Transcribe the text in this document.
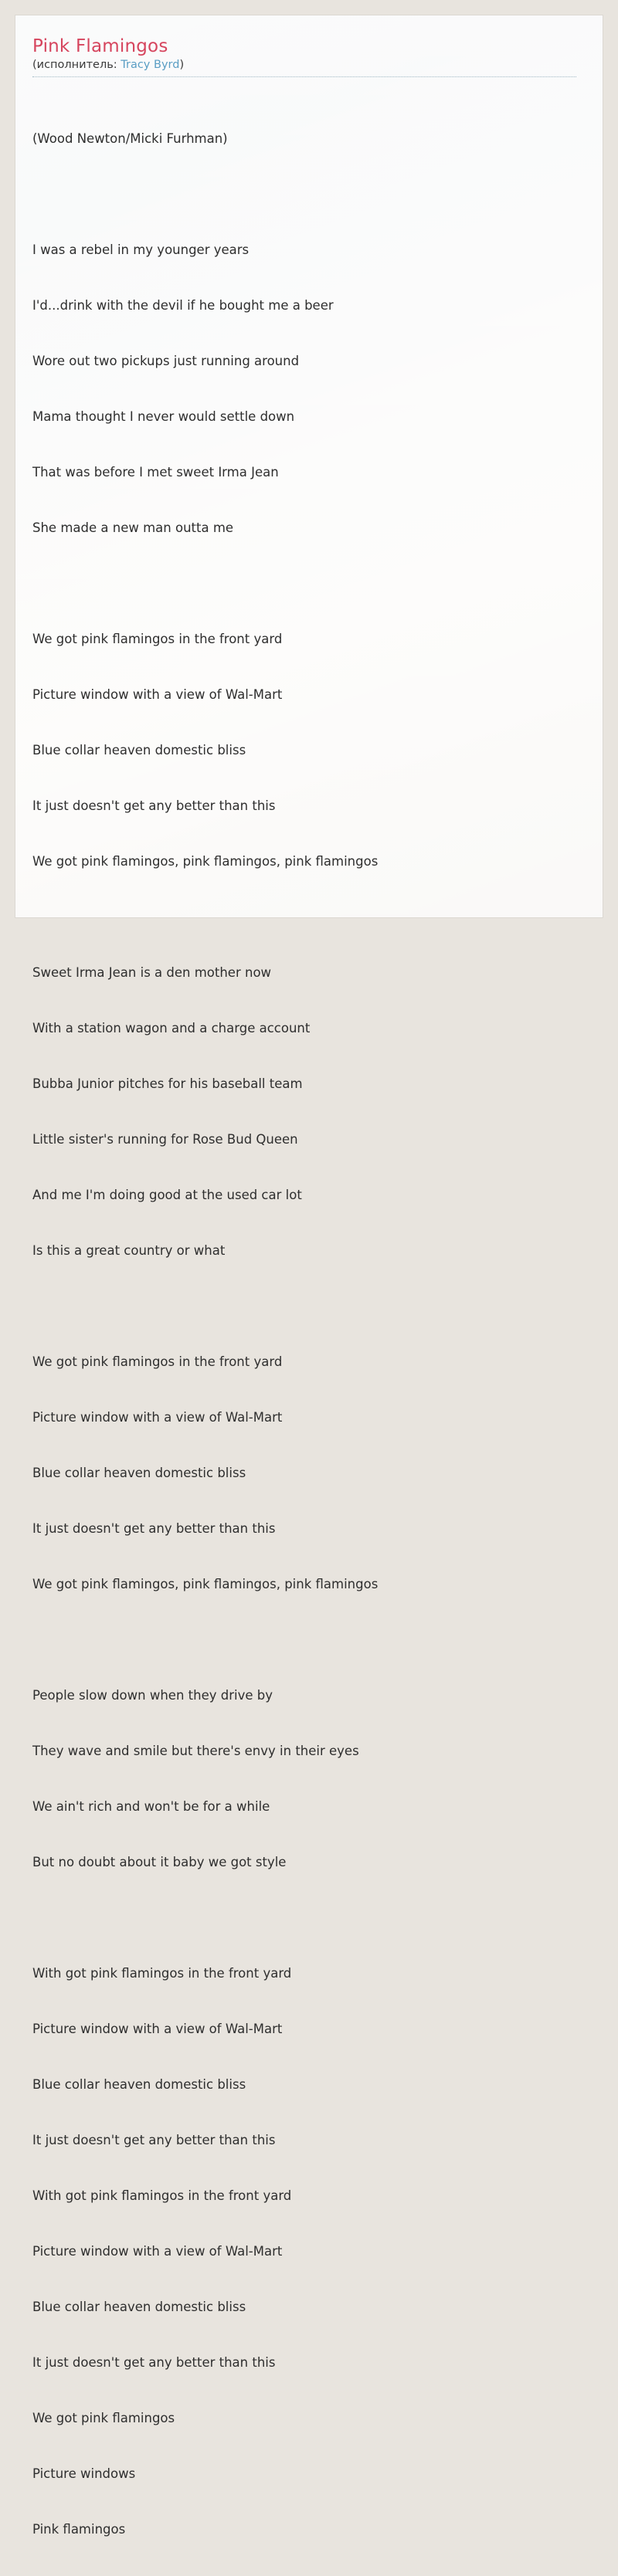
Pink Flamingos
(исполнитель: Tracy Byrd)

(Wood Newton/Micki Furhman)

I was a rebel in my younger years

I'd...drink with the devil if he bought me a beer

Wore out two pickups just running around

Mama thought I never would settle down

That was before I met sweet Irma Jean

She made a new man outta me

We got pink flamingos in the front yard

Picture window with a view of Wal-Mart

Blue collar heaven domestic bliss

It just doesn't get any better than this

We got pink flamingos, pink flamingos, pink flamingos

Sweet Irma Jean is a den mother now

With a station wagon and a charge account

Bubba Junior pitches for his baseball team

Little sister's running for Rose Bud Queen

And me I'm doing good at the used car lot

Is this a great country or what

We got pink flamingos in the front yard

Picture window with a view of Wal-Mart

Blue collar heaven domestic bliss

It just doesn't get any better than this

We got pink flamingos, pink flamingos, pink flamingos

People slow down when they drive by

They wave and smile but there's envy in their eyes

We ain't rich and won't be for a while

But no doubt about it baby we got style

With got pink flamingos in the front yard

Picture window with a view of Wal-Mart

Blue collar heaven domestic bliss

It just doesn't get any better than this

With got pink flamingos in the front yard

Picture window with a view of Wal-Mart

Blue collar heaven domestic bliss

It just doesn't get any better than this

We got pink flamingos

Picture windows

Pink flamingos
